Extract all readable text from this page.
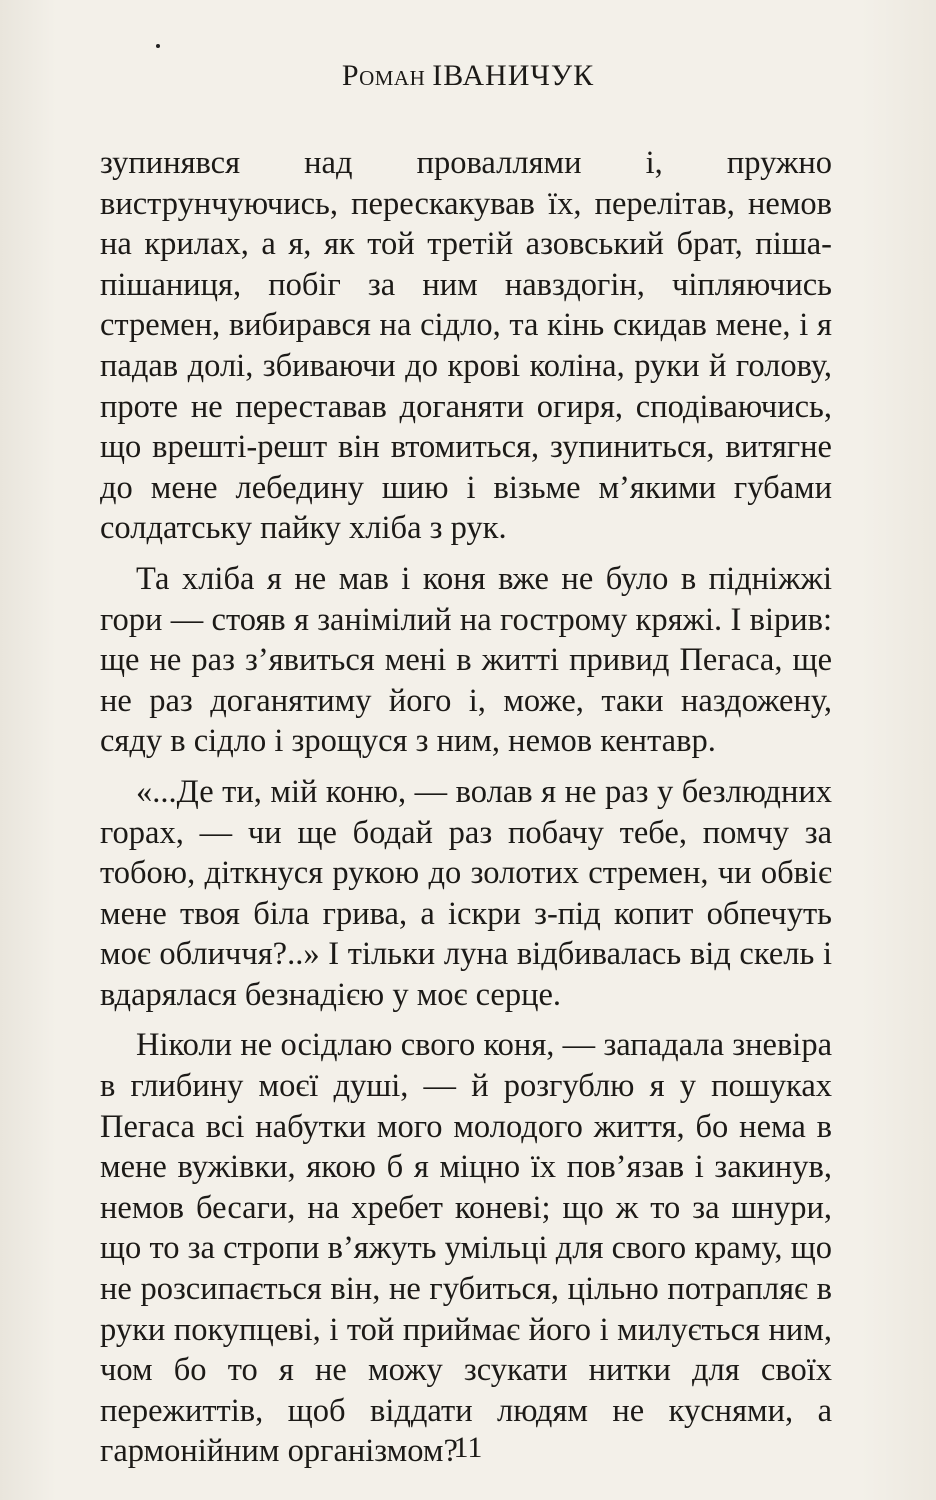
Роман ІВАНИЧУК

зупинявся над проваллями і, пружно виструнчуючись, перескакував їх, перелітав, немов на крилах, а я, як той третій азовський брат, піша-пішаниця, побіг за ним навздогін, чіпляючись стремен, вибирався на сідло, та кінь скидав мене, і я падав долі, збиваючи до крові коліна, руки й голову, проте не переставав доганяти огиря, сподіваючись, що врешті-решт він втомиться, зупиниться, витягне до мене лебедину шию і візьме м’якими губами солдатську пайку хліба з рук.

Та хліба я не мав і коня вже не було в підніжжі гори — стояв я занімілий на гострому кряжі. І вірив: ще не раз з’явиться мені в житті привид Пегаса, ще не раз доганятиму його і, може, таки наздожену, сяду в сідло і зрощуся з ним, немов кентавр.

«...Де ти, мій коню, — волав я не раз у безлюдних горах, — чи ще бодай раз побачу тебе, помчу за тобою, діткнуся рукою до золотих стремен, чи обвіє мене твоя біла грива, а іскри з-під копит обпечуть моє обличчя?..» І тільки луна відбивалась від скель і вдарялася безнадією у моє серце.

Ніколи не осідлаю свого коня, — западала зневіра в глибину моєї душі, — й розгублю я у пошуках Пегаса всі набутки мого молодого життя, бо нема в мене вужівки, якою б я міцно їх пов’язав і закинув, немов бесаги, на хребет коневі; що ж то за шнури, що то за стропи в’яжуть умільці для свого краму, що не розсипається він, не губиться, цільно потрапляє в руки покупцеві, і той приймає його і милується ним, чом бо то я не можу зсукати нитки для своїх пережиттів, щоб віддати людям не куснями, а гармонійним організмом?

11
